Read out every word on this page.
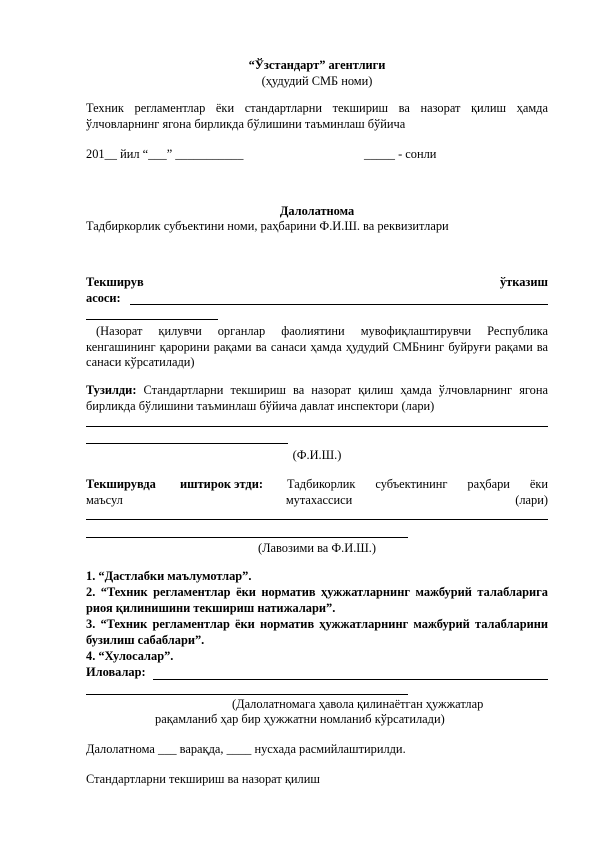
“Ўзстандарт” агентлиги
(ҳудудий СМБ номи)
Техник регламентлар ёки стандартларни текшириш ва назорат қилиш ҳамда ўлчовларнинг ягона бирликда бўлишини таъминлаш бўйича
201__ йил “___” ___________	_____ - сонли
Далолатнома
Тадбиркорлик субъектини номи, раҳбарини Ф.И.Ш. ва реквизитлари
Текширув	ўтказиш
асоси:
(Назорат қилувчи органлар фаолиятини мувофиқлаштирувчи Республика кенгашининг қарорини рақами ва санаси ҳамда ҳудудий СМБнинг буйруғи рақами ва санаси кўрсатилади)
Тузилди: Стандартларни текшириш ва назорат қилиш ҳамда ўлчовларнинг ягона бирликда бўлишини таъминлаш бўйича давлат инспектори (лари)
(Ф.И.Ш.)
Текширувда иштирок этди: Тадбикорлик субъектининг раҳбари ёки
маъсул	мутахассиси	(лари)
(Лавозими ва Ф.И.Ш.)
1. “Дастлабки маълумотлар”.
2. “Техник регламентлар ёки норматив ҳужжатларнинг мажбурий талабларига риоя қилинишини текшириш натижалари”.
3. “Техник регламентлар ёки норматив ҳужжатларнинг мажбурий талабларини бузилиш сабаблари”.
4. “Хулосалар”.
Иловалар:
(Далолатномага ҳавола қилинаётган ҳужжатлар
рақамланиб ҳар бир ҳужжатни номланиб кўрсатилади)
Далолатнома ___ варақда, ____ нусхада расмийлаштирилди.
Стандартларни текшириш ва назорат қилиш
